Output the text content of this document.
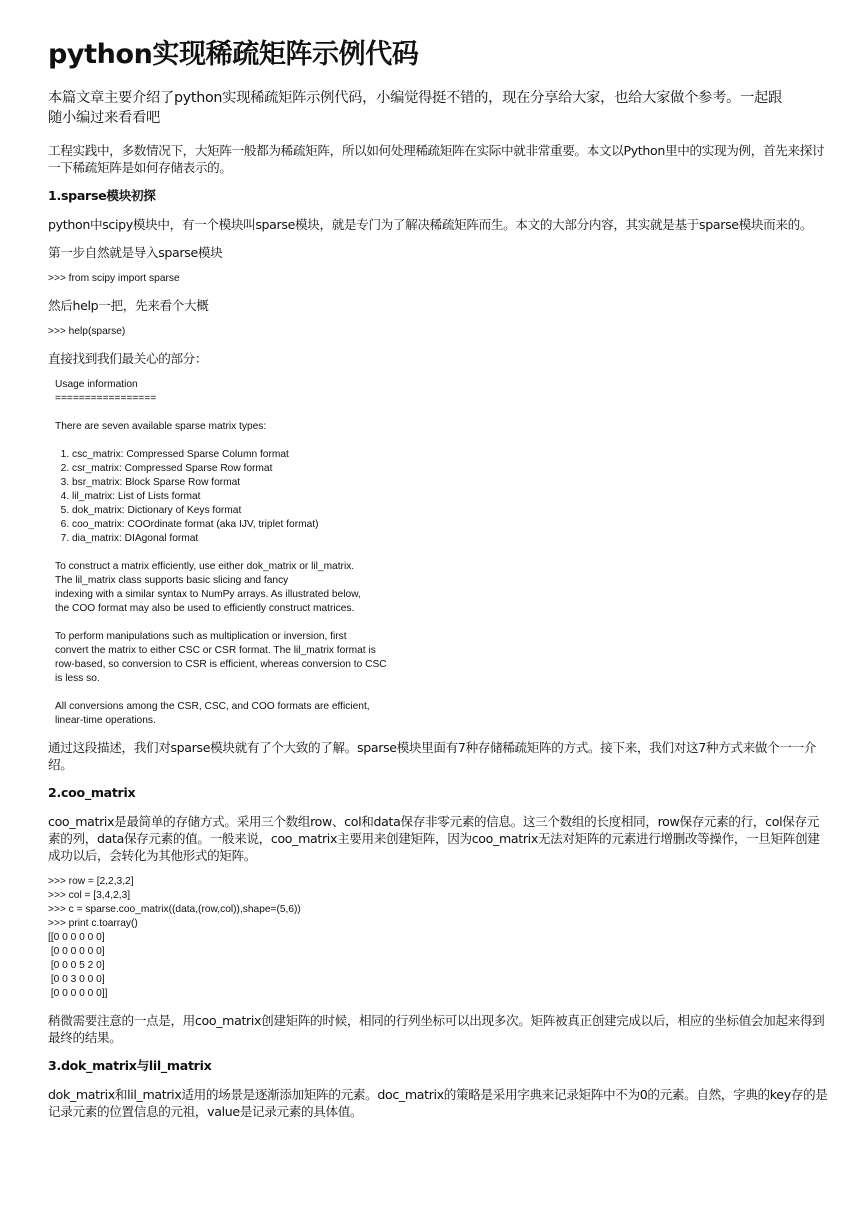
python实现稀疏矩阵示例代码

本篇文章主要介绍了python实现稀疏矩阵示例代码，小编觉得挺不错的，现在分享给大家，也给大家做个参考。一起跟随小编过来看看吧

工程实践中，多数情况下，大矩阵一般都为稀疏矩阵，所以如何处理稀疏矩阵在实际中就非常重要。本文以Python里中的实现为例，首先来探讨一下稀疏矩阵是如何存储表示的。

1.sparse模块初探

python中scipy模块中，有一个模块叫sparse模块，就是专门为了解决稀疏矩阵而生。本文的大部分内容，其实就是基于sparse模块而来的。

第一步自然就是导入sparse模块

>>> from scipy import sparse

然后help一把，先来看个大概

>>> help(sparse)

直接找到我们最关心的部分：

Usage information
=================

There are seven available sparse matrix types:

1. csc_matrix: Compressed Sparse Column format
2. csr_matrix: Compressed Sparse Row format
3. bsr_matrix: Block Sparse Row format
4. lil_matrix: List of Lists format
5. dok_matrix: Dictionary of Keys format
6. coo_matrix: COOrdinate format (aka IJV, triplet format)
7. dia_matrix: DIAgonal format

To construct a matrix efficiently, use either dok_matrix or lil_matrix.
The lil_matrix class supports basic slicing and fancy
indexing with a similar syntax to NumPy arrays. As illustrated below,
the COO format may also be used to efficiently construct matrices.

To perform manipulations such as multiplication or inversion, first
convert the matrix to either CSC or CSR format. The lil_matrix format is
row-based, so conversion to CSR is efficient, whereas conversion to CSC
is less so.

All conversions among the CSR, CSC, and COO formats are efficient,
linear-time operations.

通过这段描述，我们对sparse模块就有了个大致的了解。sparse模块里面有7种存储稀疏矩阵的方式。接下来，我们对这7种方式来做个一一介绍。

2.coo_matrix

coo_matrix是最简单的存储方式。采用三个数组row、col和data保存非零元素的信息。这三个数组的长度相同，row保存元素的行，col保存元素的列，data保存元素的值。一般来说，coo_matrix主要用来创建矩阵，因为coo_matrix无法对矩阵的元素进行增删改等操作，一旦矩阵创建成功以后，会转化为其他形式的矩阵。

>>> row = [2,2,3,2]
>>> col = [3,4,2,3]
>>> c = sparse.coo_matrix((data,(row,col)),shape=(5,6))
>>> print c.toarray()
[[0 0 0 0 0 0]
[0 0 0 0 0 0]
[0 0 0 5 2 0]
[0 0 3 0 0 0]
[0 0 0 0 0 0]]

稍微需要注意的一点是，用coo_matrix创建矩阵的时候，相同的行列坐标可以出现多次。矩阵被真正创建完成以后，相应的坐标值会加起来得到最终的结果。

3.dok_matrix与lil_matrix

dok_matrix和lil_matrix适用的场景是逐渐添加矩阵的元素。doc_matrix的策略是采用字典来记录矩阵中不为0的元素。自然，字典的key存的是记录元素的位置信息的元祖，value是记录元素的具体值。
